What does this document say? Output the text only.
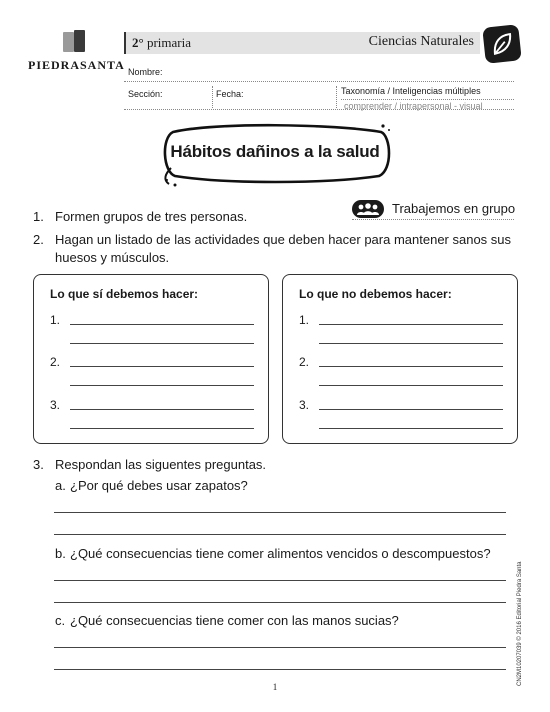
PIEDRASANTA
2° primaria	Ciencias Naturales
Nombre:
Sección:	Fecha:	Taxonomía / Inteligencias múltiples
comprender / intrapersonal - visual
Hábitos dañinos a la salud
Trabajemos en grupo
1. Formen grupos de tres personas.
2. Hagan un listado de las actividades que deben hacer para mantener sanos sus
huesos y músculos.
Lo que sí debemos hacer:
1.
2.
3.
Lo que no debemos hacer:
1.
2.
3.
3. Respondan las siguentes preguntas.
a. ¿Por qué debes usar zapatos?
b. ¿Qué consecuencias tiene comer alimentos vencidos o descompuestos?
c. ¿Qué consecuencias tiene comer con las manos sucias?	CN2M10207039 © 2016 Editorial Piedra Santa
1
